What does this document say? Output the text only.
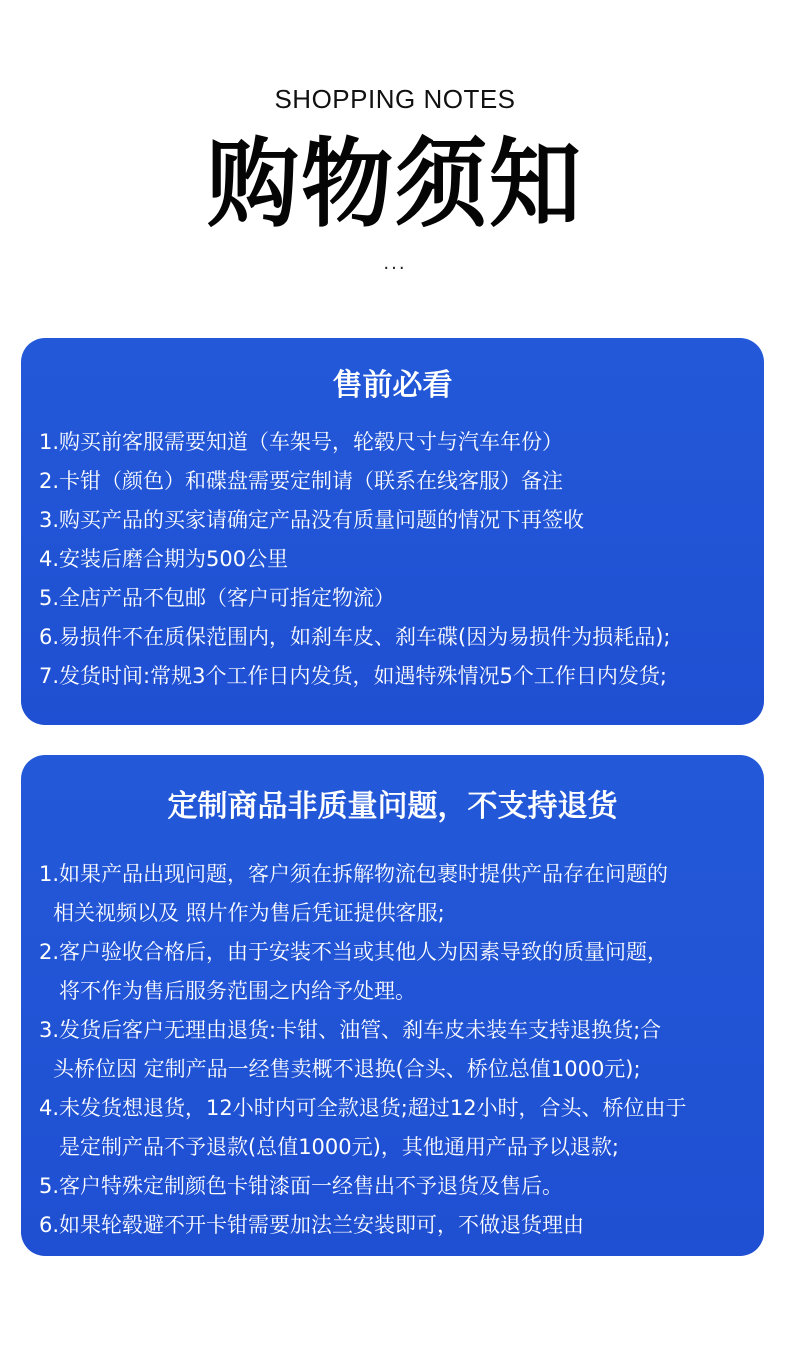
SHOPPING NOTES
购物须知
...
售前必看
1.购买前客服需要知道（车架号，轮毂尺寸与汽车年份）
2.卡钳（颜色）和碟盘需要定制请（联系在线客服）备注
3.购买产品的买家请确定产品没有质量问题的情况下再签收
4.安装后磨合期为500公里
5.全店产品不包邮（客户可指定物流）
6.易损件不在质保范围内，如刹车皮、刹车碟(因为易损件为损耗品);
7.发货时间:常规3个工作日内发货，如遇特殊情况5个工作日内发货;
定制商品非质量问题，不支持退货
1.如果产品出现问题，客户须在拆解物流包裹时提供产品存在问题的
相关视频以及 照片作为售后凭证提供客服;
2.客户验收合格后，由于安装不当或其他人为因素导致的质量问题，
将不作为售后服务范围之内给予处理。
3.发货后客户无理由退货:卡钳、油管、刹车皮未装车支持退换货;合
头桥位因 定制产品一经售卖概不退换(合头、桥位总值1000元);
4.未发货想退货，12小时内可全款退货;超过12小时，合头、桥位由于
是定制产品不予退款(总值1000元)，其他通用产品予以退款;
5.客户特殊定制颜色卡钳漆面一经售出不予退货及售后。
6.如果轮毂避不开卡钳需要加法兰安装即可，不做退货理由
